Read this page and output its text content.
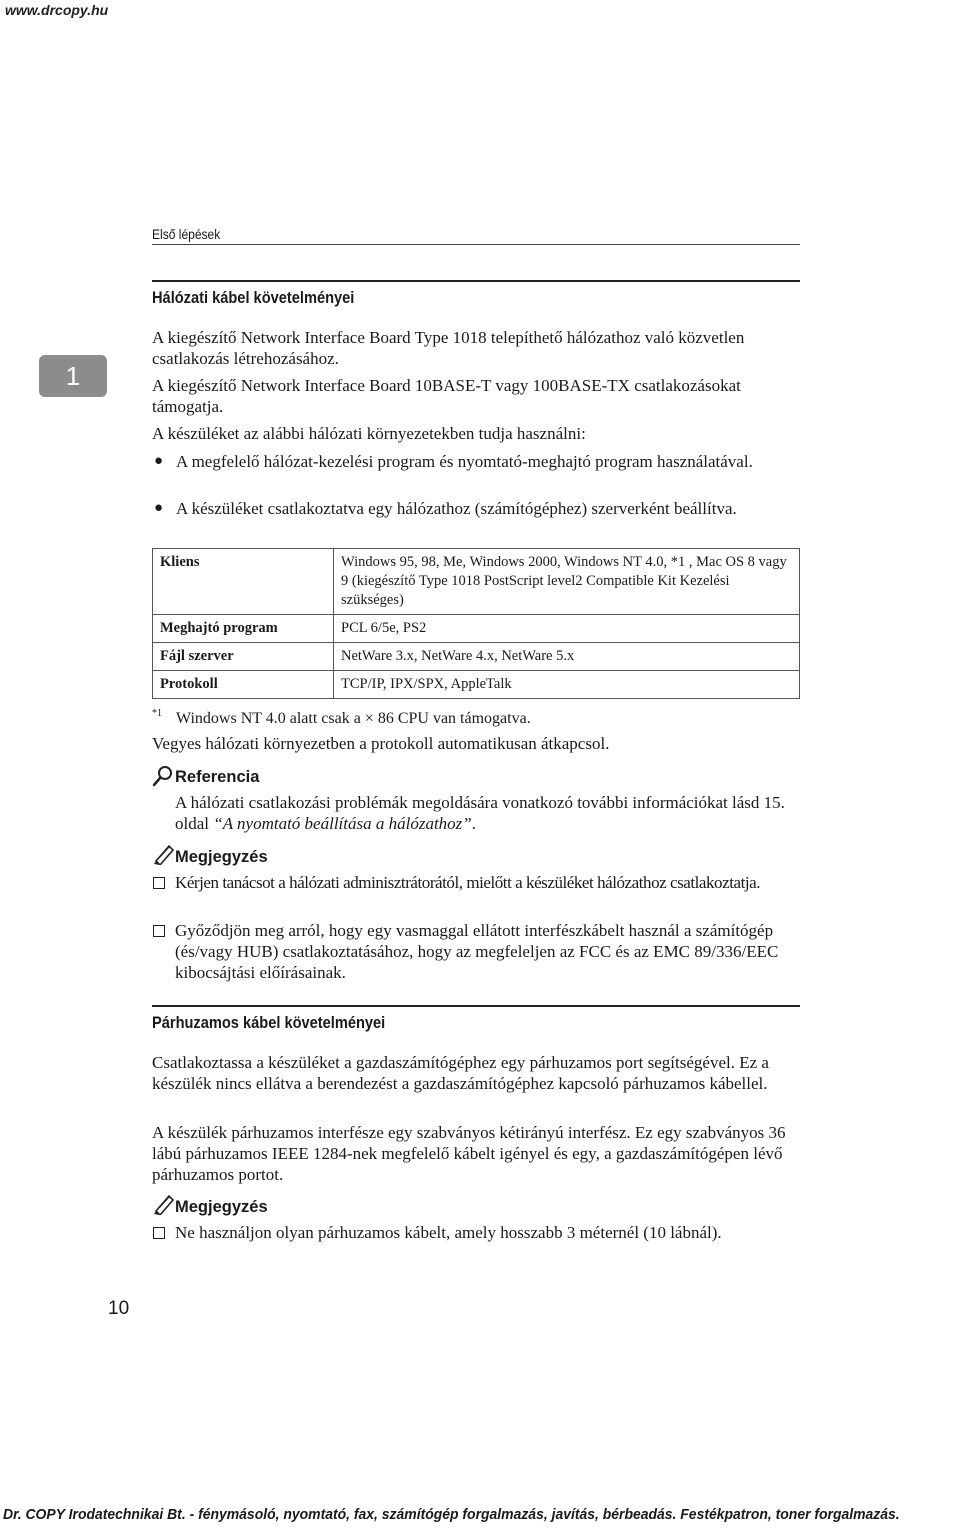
www.drcopy.hu
Első lépések
1
Hálózati kábel követelményei

A kiegészítő Network Interface Board Type 1018 telepíthető hálózathoz való közvetlen csatlakozás létrehozásához.

A kiegészítő Network Interface Board 10BASE-T vagy 100BASE-TX csatlakozásokat támogatja.

A készüléket az alábbi hálózati környezetekben tudja használni:

● A megfelelő hálózat-kezelési program és nyomtató-meghajtó program használatával.
● A készüléket csatlakoztatva egy hálózathoz (számítógéphez) szerverként beállítva.
Kliens	Windows 95, 98, Me, Windows 2000, Windows NT 4.0, *1 , Mac OS 8 vagy 9 (kiegészítő Type 1018 PostScript level2 Compatible Kit Kezelési szükséges)
Meghajtó program	PCL 6/5e, PS2
Fájl szerver	NetWare 3.x, NetWare 4.x, NetWare 5.x
Protokoll	TCP/IP, IPX/SPX, AppleTalk
*1 Windows NT 4.0 alatt csak a × 86 CPU van támogatva.

Vegyes hálózati környezetben a protokoll automatikusan átkapcsol.

Referencia

A hálózati csatlakozási problémák megoldására vonatkozó további információkat lásd 15. oldal “A nyomtató beállítása a hálózathoz”.

Megjegyzés
Kérjen tanácsot a hálózati adminisztrátorától, mielőtt a készüléket hálózathoz csatlakoztatja.
Győződjön meg arról, hogy egy vasmaggal ellátott interfészkábelt használ a számítógép (és/vagy HUB) csatlakoztatásához, hogy az megfeleljen az FCC és az EMC 89/336/EEC kibocsájtási előírásainak.
Párhuzamos kábel követelményei

Csatlakoztassa a készüléket a gazdaszámítógéphez egy párhuzamos port segítségével. Ez a készülék nincs ellátva a berendezést a gazdaszámítógéphez kapcsoló párhuzamos kábellel.

A készülék párhuzamos interfésze egy szabványos kétirányú interfész. Ez egy szabványos 36 lábú párhuzamos IEEE 1284-nek megfelelő kábelt igényel és egy, a gazdaszámítógépen lévő párhuzamos portot.

Megjegyzés
Ne használjon olyan párhuzamos kábelt, amely hosszabb 3 méternél (10 lábnál).
10
Dr. COPY Irodatechnikai Bt. - fénymásoló, nyomtató, fax, számítógép forgalmazás, javítás, bérbeadás. Festékpatron, toner forgalmazás.
